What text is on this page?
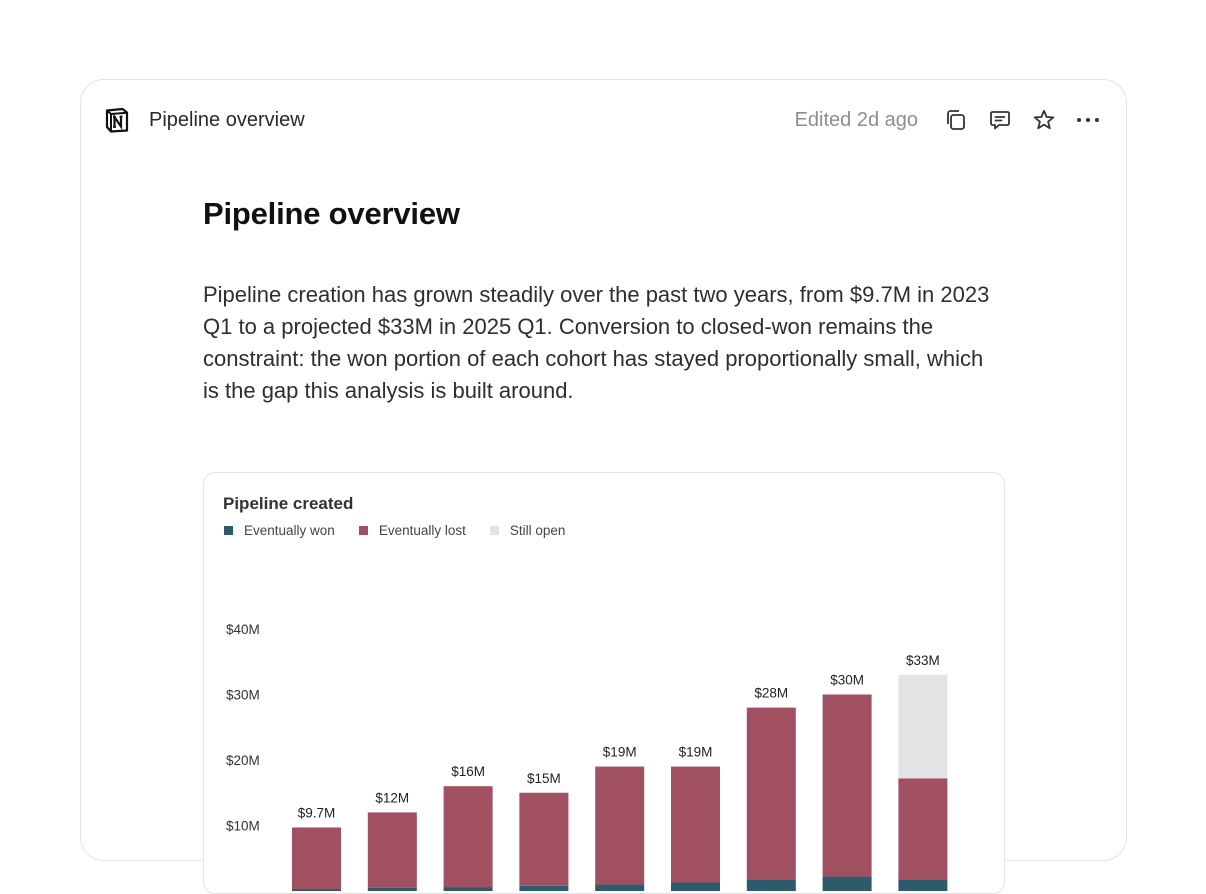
Pipeline overview	Edited 2d ago
Pipeline overview

Pipeline creation has grown steadily over the past two years, from $9.7M in 2023 Q1 to a projected $33M in 2025 Q1. Conversion to closed-won remains the constraint: the won portion of each cohort has stayed proportionally small, which is the gap this analysis is built around.

$40M
$30M
$20M
$10M
$9.7M
$12M
$16M	$15M
$19M	$19M
$28M
$30M
$33M
Pipeline created
Eventually won	Eventually lost	Still open
